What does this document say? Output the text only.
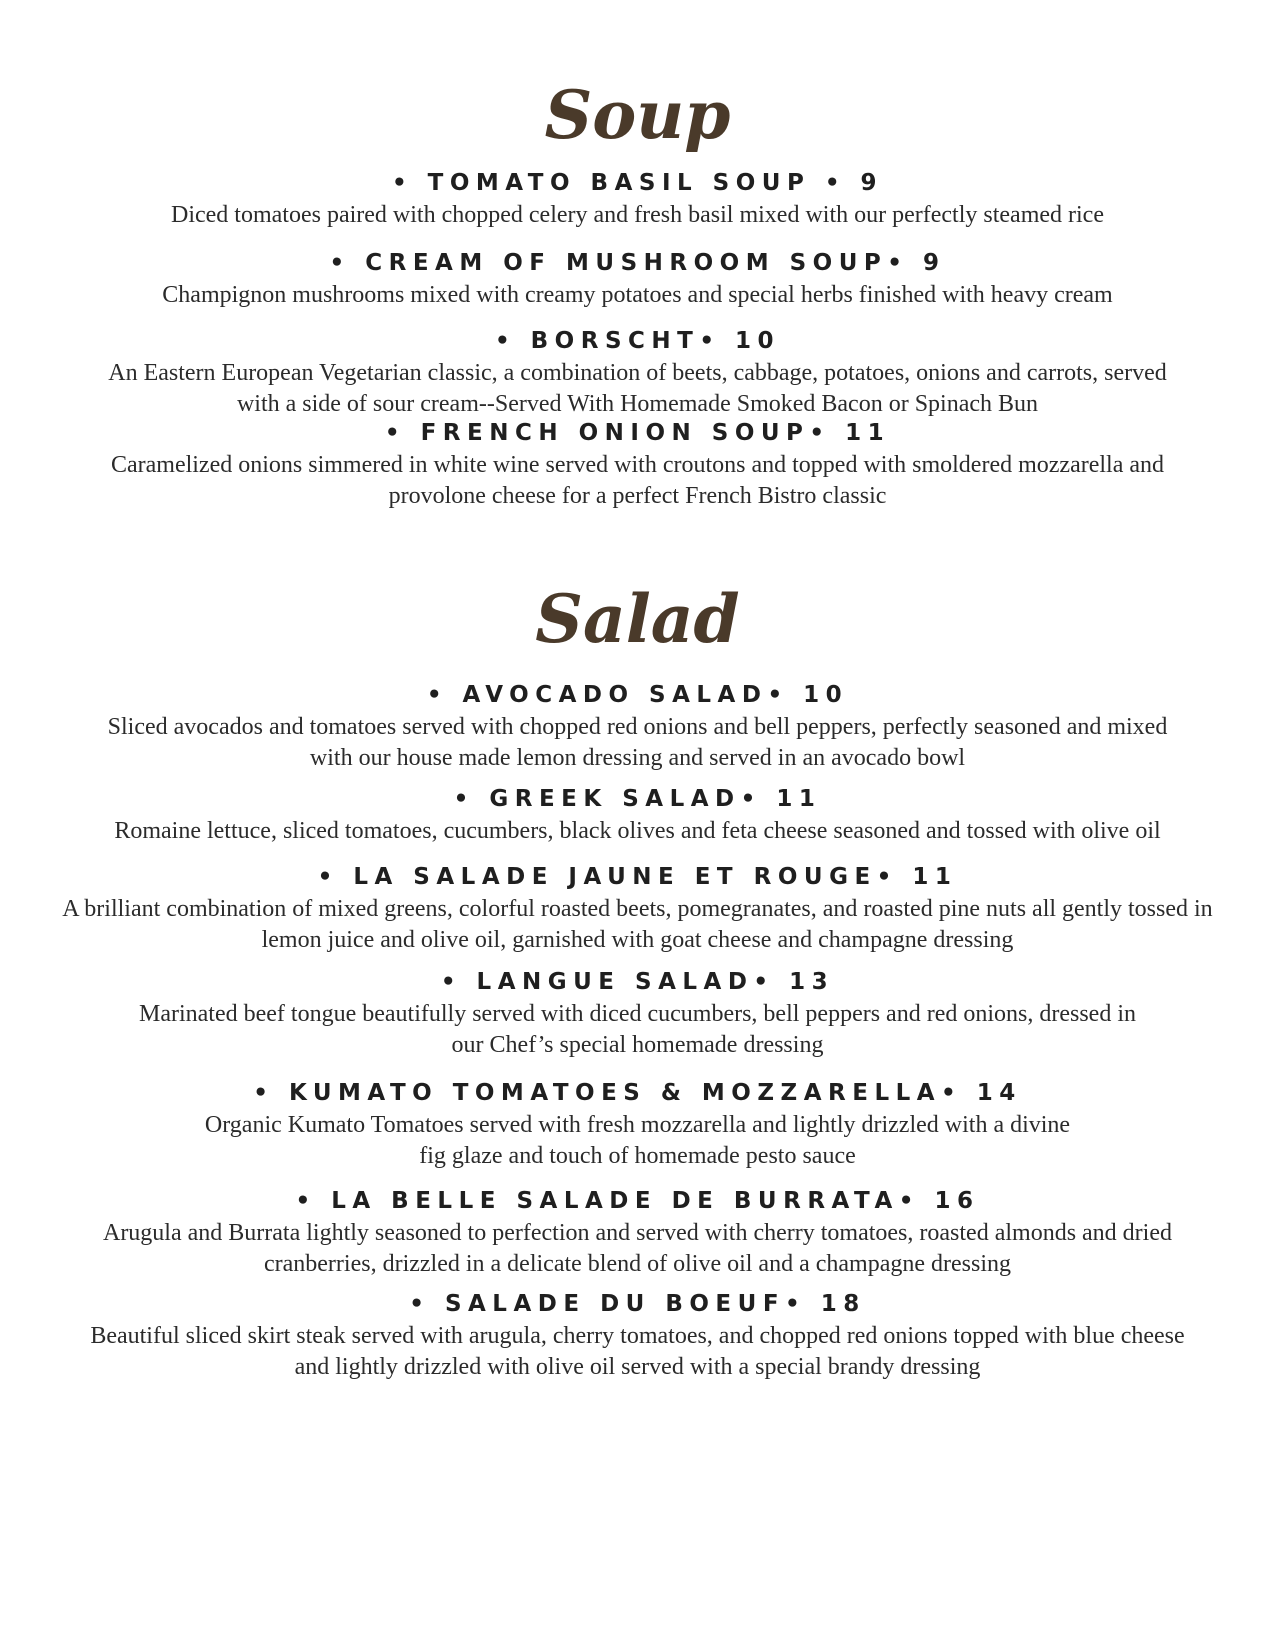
Soup
• TOMATO BASIL SOUP • 9
Diced tomatoes paired with chopped celery and fresh basil mixed with our perfectly steamed rice
• CREAM OF MUSHROOM SOUP• 9
Champignon mushrooms mixed with creamy potatoes and special herbs finished with heavy cream
• BORSCHT• 10
An Eastern European Vegetarian classic, a combination of beets, cabbage, potatoes, onions and carrots, served with a side of sour cream--Served With Homemade Smoked Bacon or Spinach Bun
• FRENCH ONION SOUP• 11
Caramelized onions simmered in white wine served with croutons and topped with smoldered mozzarella and provolone cheese for a perfect French Bistro classic
Salad
• AVOCADO SALAD• 10
Sliced avocados and tomatoes served with chopped red onions and bell peppers, perfectly seasoned and mixed with our house made lemon dressing and served in an avocado bowl
• GREEK SALAD• 11
Romaine lettuce, sliced tomatoes, cucumbers, black olives and feta cheese seasoned and tossed with olive oil
• LA SALADE JAUNE ET ROUGE• 11
A brilliant combination of mixed greens, colorful roasted beets, pomegranates, and roasted pine nuts all gently tossed in lemon juice and olive oil, garnished with goat cheese and champagne dressing
• LANGUE SALAD• 13
Marinated beef tongue beautifully served with diced cucumbers, bell peppers and red onions, dressed in our Chef’s special homemade dressing
• KUMATO TOMATOES & MOZZARELLA• 14
Organic Kumato Tomatoes served with fresh mozzarella and lightly drizzled with a divine fig glaze and touch of homemade pesto sauce
• LA BELLE SALADE DE BURRATA• 16
Arugula and Burrata lightly seasoned to perfection and served with cherry tomatoes, roasted almonds and dried cranberries, drizzled in a delicate blend of olive oil and a champagne dressing
• SALADE DU BOEUF• 18
Beautiful sliced skirt steak served with arugula, cherry tomatoes, and chopped red onions topped with blue cheese and lightly drizzled with olive oil served with a special brandy dressing
